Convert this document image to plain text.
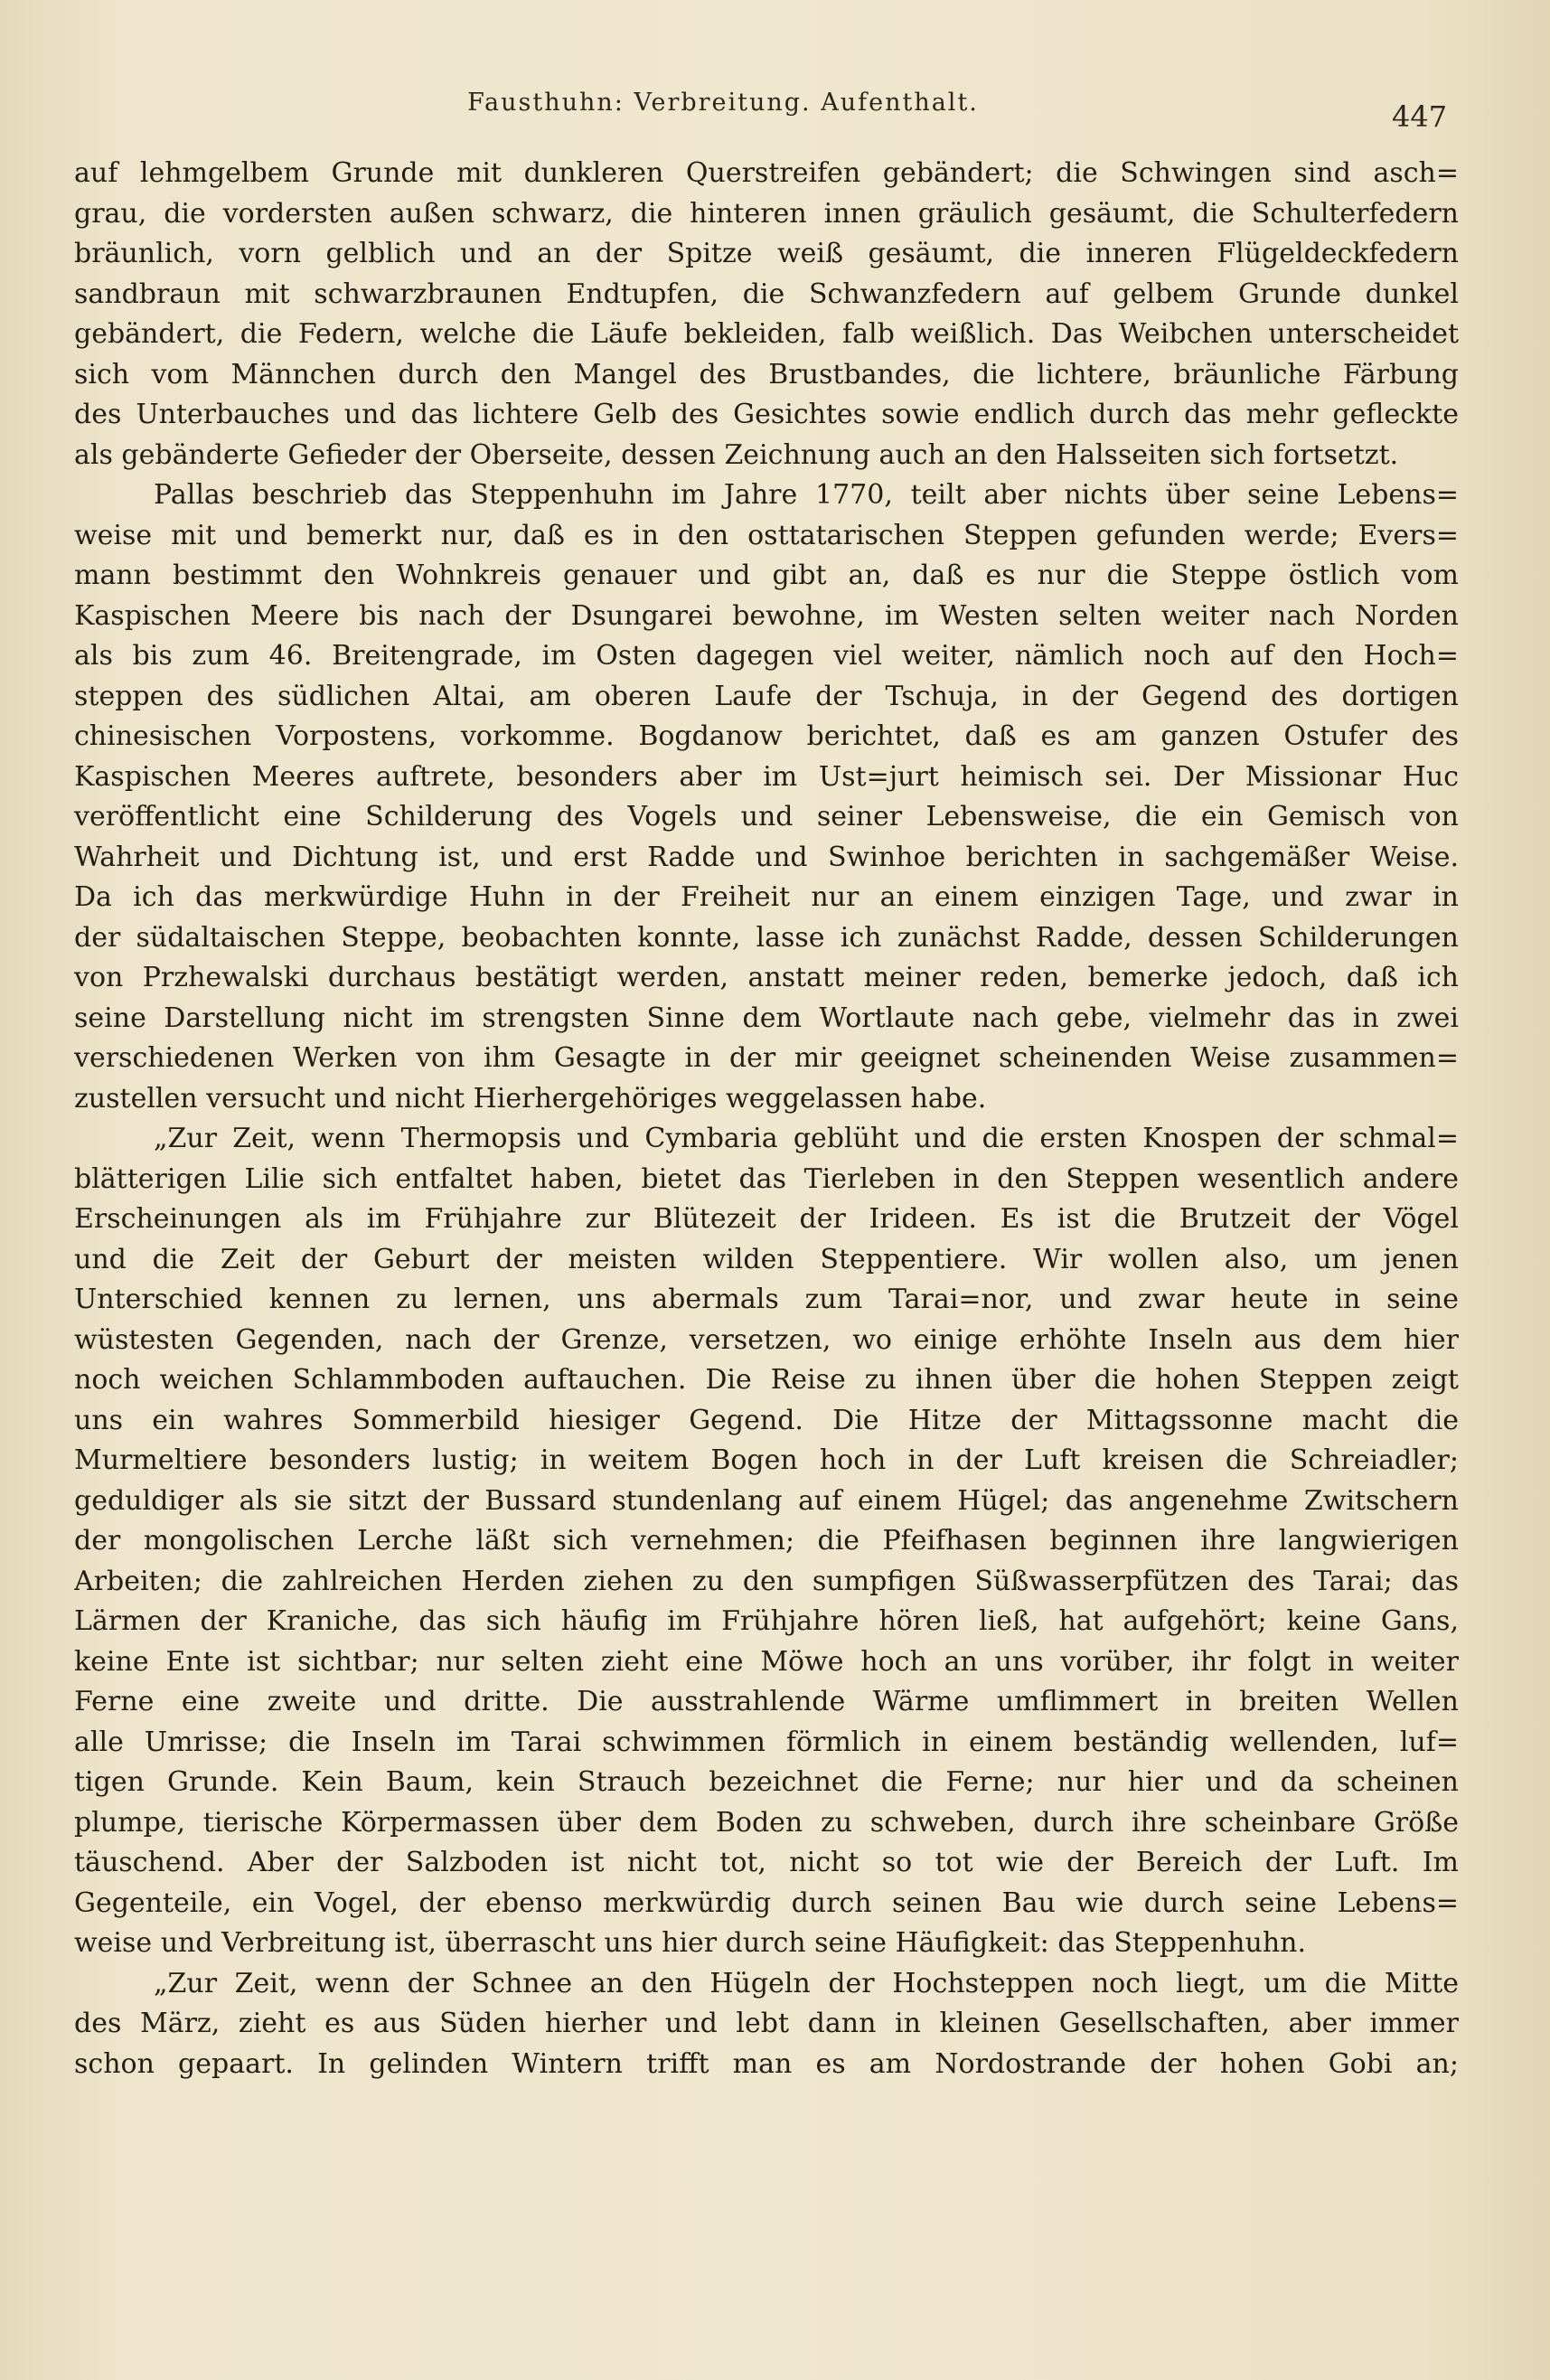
Fausthuhn: Verbreitung. Aufenthalt.	447
auf lehmgelbem Grunde mit dunkleren Querstreifen gebändert; die Schwingen sind asch=
grau, die vordersten außen schwarz, die hinteren innen gräulich gesäumt, die Schulterfedern
bräunlich, vorn gelblich und an der Spitze weiß gesäumt, die inneren Flügeldeckfedern
sandbraun mit schwarzbraunen Endtupfen, die Schwanzfedern auf gelbem Grunde dunkel
gebändert, die Federn, welche die Läufe bekleiden, falb weißlich. Das Weibchen unterscheidet
sich vom Männchen durch den Mangel des Brustbandes, die lichtere, bräunliche Färbung
des Unterbauches und das lichtere Gelb des Gesichtes sowie endlich durch das mehr gefleckte
als gebänderte Gefieder der Oberseite, dessen Zeichnung auch an den Halsseiten sich fortsetzt.
Pallas beschrieb das Steppenhuhn im Jahre 1770, teilt aber nichts über seine Lebens=
weise mit und bemerkt nur, daß es in den osttatarischen Steppen gefunden werde; Evers=
mann bestimmt den Wohnkreis genauer und gibt an, daß es nur die Steppe östlich vom
Kaspischen Meere bis nach der Dsungarei bewohne, im Westen selten weiter nach Norden
als bis zum 46. Breitengrade, im Osten dagegen viel weiter, nämlich noch auf den Hoch=
steppen des südlichen Altai, am oberen Laufe der Tschuja, in der Gegend des dortigen
chinesischen Vorpostens, vorkomme. Bogdanow berichtet, daß es am ganzen Ostufer des
Kaspischen Meeres auftrete, besonders aber im Ust=jurt heimisch sei. Der Missionar Huc
veröffentlicht eine Schilderung des Vogels und seiner Lebensweise, die ein Gemisch von
Wahrheit und Dichtung ist, und erst Radde und Swinhoe berichten in sachgemäßer Weise.
Da ich das merkwürdige Huhn in der Freiheit nur an einem einzigen Tage, und zwar in
der südaltaischen Steppe, beobachten konnte, lasse ich zunächst Radde, dessen Schilderungen
von Przhewalski durchaus bestätigt werden, anstatt meiner reden, bemerke jedoch, daß ich
seine Darstellung nicht im strengsten Sinne dem Wortlaute nach gebe, vielmehr das in zwei
verschiedenen Werken von ihm Gesagte in der mir geeignet scheinenden Weise zusammen=
zustellen versucht und nicht Hierhergehöriges weggelassen habe.
„Zur Zeit, wenn Thermopsis und Cymbaria geblüht und die ersten Knospen der schmal=
blätterigen Lilie sich entfaltet haben, bietet das Tierleben in den Steppen wesentlich andere
Erscheinungen als im Frühjahre zur Blütezeit der Irideen. Es ist die Brutzeit der Vögel
und die Zeit der Geburt der meisten wilden Steppentiere. Wir wollen also, um jenen
Unterschied kennen zu lernen, uns abermals zum Tarai=nor, und zwar heute in seine
wüstesten Gegenden, nach der Grenze, versetzen, wo einige erhöhte Inseln aus dem hier
noch weichen Schlammboden auftauchen. Die Reise zu ihnen über die hohen Steppen zeigt
uns ein wahres Sommerbild hiesiger Gegend. Die Hitze der Mittagssonne macht die
Murmeltiere besonders lustig; in weitem Bogen hoch in der Luft kreisen die Schreiadler;
geduldiger als sie sitzt der Bussard stundenlang auf einem Hügel; das angenehme Zwitschern
der mongolischen Lerche läßt sich vernehmen; die Pfeifhasen beginnen ihre langwierigen
Arbeiten; die zahlreichen Herden ziehen zu den sumpfigen Süßwasserpfützen des Tarai; das
Lärmen der Kraniche, das sich häufig im Frühjahre hören ließ, hat aufgehört; keine Gans,
keine Ente ist sichtbar; nur selten zieht eine Möwe hoch an uns vorüber, ihr folgt in weiter
Ferne eine zweite und dritte. Die ausstrahlende Wärme umflimmert in breiten Wellen
alle Umrisse; die Inseln im Tarai schwimmen förmlich in einem beständig wellenden, luf=
tigen Grunde. Kein Baum, kein Strauch bezeichnet die Ferne; nur hier und da scheinen
plumpe, tierische Körpermassen über dem Boden zu schweben, durch ihre scheinbare Größe
täuschend. Aber der Salzboden ist nicht tot, nicht so tot wie der Bereich der Luft. Im
Gegenteile, ein Vogel, der ebenso merkwürdig durch seinen Bau wie durch seine Lebens=
weise und Verbreitung ist, überrascht uns hier durch seine Häufigkeit: das Steppenhuhn.
„Zur Zeit, wenn der Schnee an den Hügeln der Hochsteppen noch liegt, um die Mitte
des März, zieht es aus Süden hierher und lebt dann in kleinen Gesellschaften, aber immer
schon gepaart. In gelinden Wintern trifft man es am Nordostrande der hohen Gobi an;
